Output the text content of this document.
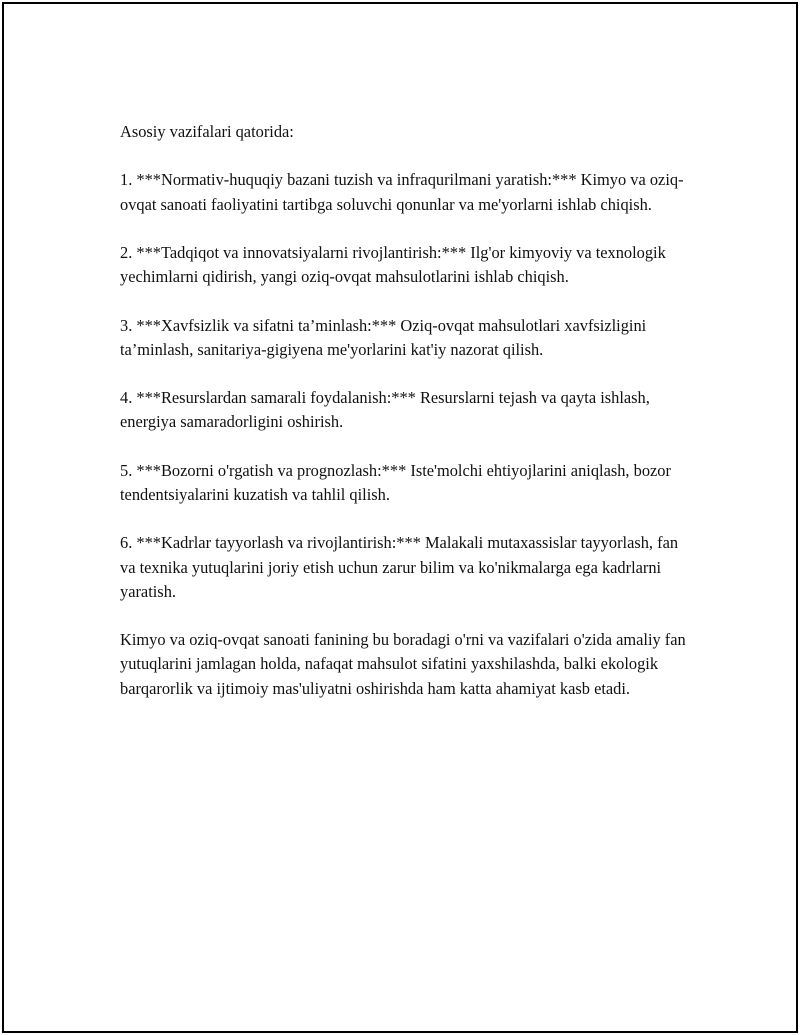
Asosiy vazifalari qatorida:

1. ***Normativ-huquqiy bazani tuzish va infraqurilmani yaratish:*** Kimyo va oziq-ovqat sanoati faoliyatini tartibga soluvchi qonunlar va me'yorlarni ishlab chiqish.

2. ***Tadqiqot va innovatsiyalarni rivojlantirish:*** Ilg'or kimyoviy va texnologik yechimlarni qidirish, yangi oziq-ovqat mahsulotlarini ishlab chiqish.

3. ***Xavfsizlik va sifatni ta’minlash:*** Oziq-ovqat mahsulotlari xavfsizligini ta’minlash, sanitariya-gigiyena me'yorlarini kat'iy nazorat qilish.

4. ***Resurslardan samarali foydalanish:*** Resurslarni tejash va qayta ishlash, energiya samaradorligini oshirish.

5. ***Bozorni o'rgatish va prognozlash:*** Iste'molchi ehtiyojlarini aniqlash, bozor tendentsiyalarini kuzatish va tahlil qilish.

6. ***Kadrlar tayyorlash va rivojlantirish:*** Malakali mutaxassislar tayyorlash, fan va texnika yutuqlarini joriy etish uchun zarur bilim va ko'nikmalarga ega kadrlarni yaratish.

Kimyo va oziq-ovqat sanoati fanining bu boradagi o'rni va vazifalari o'zida amaliy fan yutuqlarini jamlagan holda, nafaqat mahsulot sifatini yaxshilashda, balki ekologik barqarorlik va ijtimoiy mas'uliyatni oshirishda ham katta ahamiyat kasb etadi.
